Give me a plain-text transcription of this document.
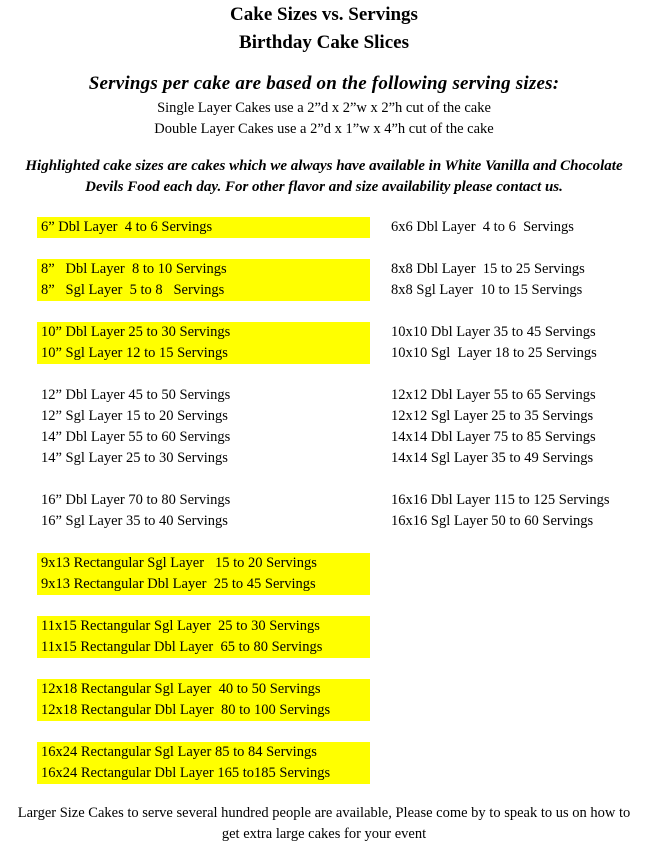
Cake Sizes vs. Servings
Birthday Cake Slices
Servings per cake are based on the following serving sizes:
Single Layer Cakes use a 2”d x 2”w x 2”h cut of the cake
Double Layer Cakes use a 2”d x 1”w x 4”h cut of the cake
Highlighted cake sizes are cakes which we always have available in White Vanilla and Chocolate Devils Food each day. For other flavor and size availability please contact us.
6” Dbl Layer  4 to 6 Servings
8”   Dbl Layer  8 to 10 Servings
8”   Sgl Layer  5 to 8   Servings
10” Dbl Layer 25 to 30 Servings
10” Sgl Layer 12 to 15 Servings
12” Dbl Layer 45 to 50 Servings
12” Sgl Layer 15 to 20 Servings
14” Dbl Layer 55 to 60 Servings
14” Sgl Layer 25 to 30 Servings
16” Dbl Layer 70 to 80 Servings
16” Sgl Layer 35 to 40 Servings
9x13 Rectangular Sgl Layer   15 to 20 Servings
9x13 Rectangular Dbl Layer  25 to 45 Servings
11x15 Rectangular Sgl Layer  25 to 30 Servings
11x15 Rectangular Dbl Layer  65 to 80 Servings
12x18 Rectangular Sgl Layer  40 to 50 Servings
12x18 Rectangular Dbl Layer  80 to 100 Servings
16x24 Rectangular Sgl Layer 85 to 84 Servings
16x24 Rectangular Dbl Layer 165 to185 Servings
6x6 Dbl Layer  4 to 6  Servings
8x8 Dbl Layer  15 to 25 Servings
8x8 Sgl Layer  10 to 15 Servings
10x10 Dbl Layer 35 to 45 Servings
10x10 Sgl  Layer 18 to 25 Servings
12x12 Dbl Layer 55 to 65 Servings
12x12 Sgl Layer 25 to 35 Servings
14x14 Dbl Layer 75 to 85 Servings
14x14 Sgl Layer 35 to 49 Servings
16x16 Dbl Layer 115 to 125 Servings
16x16 Sgl Layer 50 to 60 Servings
Larger Size Cakes to serve several hundred people are available, Please come by to speak to us on how to get extra large cakes for your event
